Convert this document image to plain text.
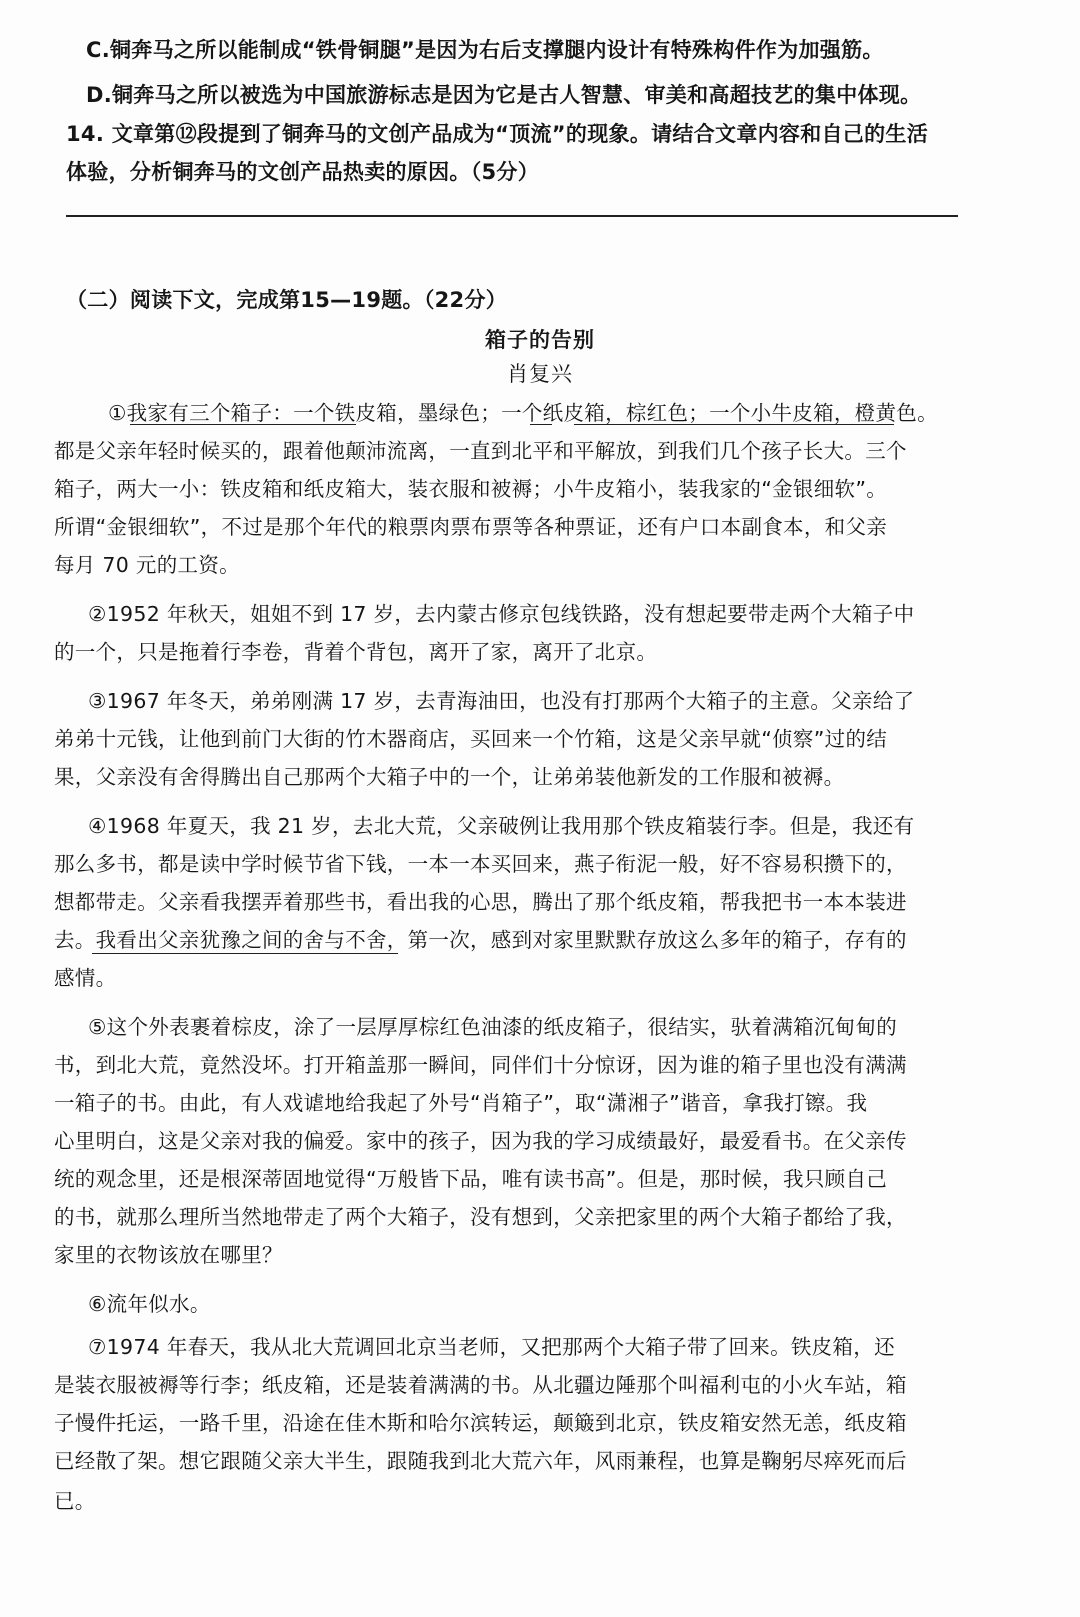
C.铜奔马之所以能制成“铁骨铜腿”是因为右后支撑腿内设计有特殊构件作为加强筋。
D.铜奔马之所以被选为中国旅游标志是因为它是古人智慧、审美和高超技艺的集中体现。
14. 文章第⑫段提到了铜奔马的文创产品成为“顶流”的现象。请结合文章内容和自己的生活
体验，分析铜奔马的文创产品热卖的原因。（5分）
（二）阅读下文，完成第15—19题。（22分）
箱子的告别
肖复兴
①我家有三个箱子：一个铁皮箱，墨绿色；一个纸皮箱，棕红色；一个小牛皮箱，橙黄色。
都是父亲年轻时候买的，跟着他颠沛流离，一直到北平和平解放，到我们几个孩子长大。三个
箱子，两大一小：铁皮箱和纸皮箱大，装衣服和被褥；小牛皮箱小，装我家的“金银细软”。
所谓“金银细软”，不过是那个年代的粮票肉票布票等各种票证，还有户口本副食本，和父亲
每月 70 元的工资。
②1952 年秋天，姐姐不到 17 岁，去内蒙古修京包线铁路，没有想起要带走两个大箱子中
的一个，只是拖着行李卷，背着个背包，离开了家，离开了北京。
③1967 年冬天，弟弟刚满 17 岁，去青海油田，也没有打那两个大箱子的主意。父亲给了
弟弟十元钱，让他到前门大街的竹木器商店，买回来一个竹箱，这是父亲早就“侦察”过的结
果，父亲没有舍得腾出自己那两个大箱子中的一个，让弟弟装他新发的工作服和被褥。
④1968 年夏天，我 21 岁，去北大荒，父亲破例让我用那个铁皮箱装行李。但是，我还有
那么多书，都是读中学时候节省下钱，一本一本买回来，燕子衔泥一般，好不容易积攒下的，
想都带走。父亲看我摆弄着那些书，看出我的心思，腾出了那个纸皮箱，帮我把书一本本装进
去。我看出父亲犹豫之间的舍与不舍，第一次，感到对家里默默存放这么多年的箱子，存有的
感情。
⑤这个外表裹着棕皮，涂了一层厚厚棕红色油漆的纸皮箱子，很结实，驮着满箱沉甸甸的
书，到北大荒，竟然没坏。打开箱盖那一瞬间，同伴们十分惊讶，因为谁的箱子里也没有满满
一箱子的书。由此，有人戏谑地给我起了外号“肖箱子”，取“潇湘子”谐音，拿我打镲。我
心里明白，这是父亲对我的偏爱。家中的孩子，因为我的学习成绩最好，最爱看书。在父亲传
统的观念里，还是根深蒂固地觉得“万般皆下品，唯有读书高”。但是，那时候，我只顾自己
的书，就那么理所当然地带走了两个大箱子，没有想到，父亲把家里的两个大箱子都给了我，
家里的衣物该放在哪里？
⑥流年似水。
⑦1974 年春天，我从北大荒调回北京当老师，又把那两个大箱子带了回来。铁皮箱，还
是装衣服被褥等行李；纸皮箱，还是装着满满的书。从北疆边陲那个叫福利屯的小火车站，箱
子慢件托运，一路千里，沿途在佳木斯和哈尔滨转运，颠簸到北京，铁皮箱安然无恙，纸皮箱
已经散了架。想它跟随父亲大半生，跟随我到北大荒六年，风雨兼程，也算是鞠躬尽瘁死而后
已。
